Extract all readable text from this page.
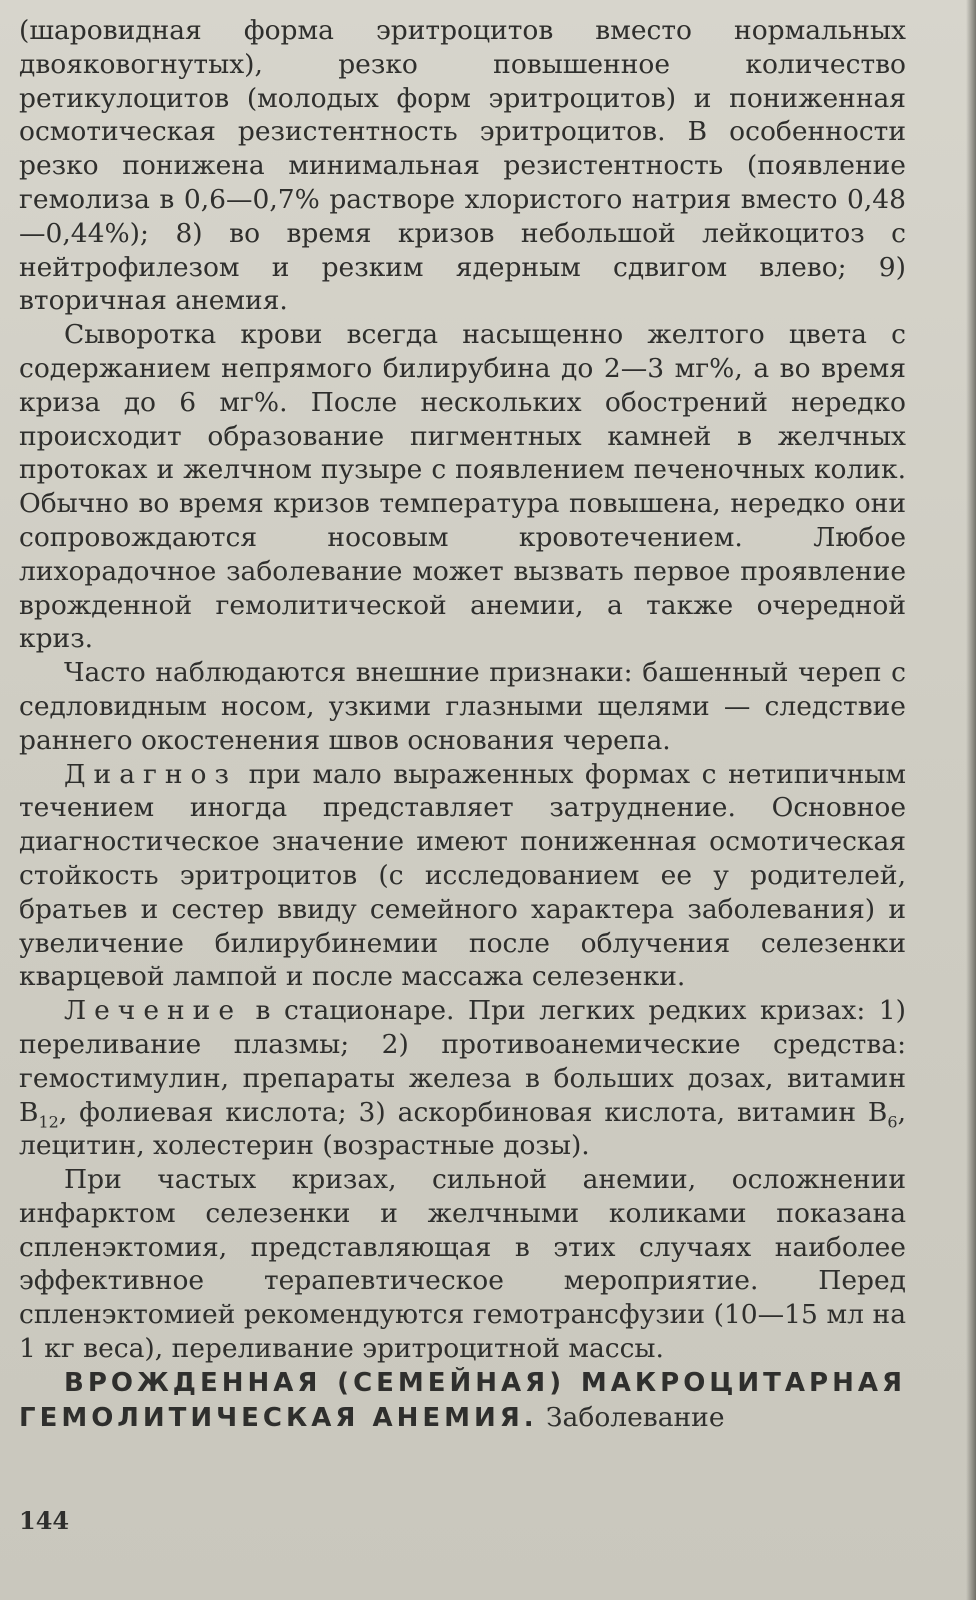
(шаровидная форма эритроцитов вместо нормальных двояковогнутых), резко повышенное количество ретикулоцитов (молодых форм эритроцитов) и пониженная осмотическая резистентность эритроцитов. В особенности резко понижена минимальная резистентность (появление гемолиза в 0,6—0,7% растворе хлористого натрия вместо 0,48—0,44%); 8) во время кризов небольшой лейкоцитоз с нейтрофилезом и резким ядерным сдвигом влево; 9) вторичная анемия.

Сыворотка крови всегда насыщенно желтого цвета с содержанием непрямого билирубина до 2—3 мг%, а во время криза до 6 мг%. После нескольких обострений нередко происходит образование пигментных камней в желчных протоках и желчном пузыре с появлением печеночных колик. Обычно во время кризов температура повышена, нередко они сопровождаются носовым кровотечением. Любое лихорадочное заболевание может вызвать первое проявление врожденной гемолитической анемии, а также очередной криз.

Часто наблюдаются внешние признаки: башенный череп с седловидным носом, узкими глазными щелями — следствие раннего окостенения швов основания черепа.

Диагноз при мало выраженных формах с нетипичным течением иногда представляет затруднение. Основное диагностическое значение имеют пониженная осмотическая стойкость эритроцитов (с исследованием ее у родителей, братьев и сестер ввиду семейного характера заболевания) и увеличение билирубинемии после облучения селезенки кварцевой лампой и после массажа селезенки.

Лечение в стационаре. При легких редких кризах: 1) переливание плазмы; 2) противоанемические средства: гемостимулин, препараты железа в больших дозах, витамин $B_{12}$, фолиевая кислота; 3) аскорбиновая кислота, витамин $B_6$, лецитин, холестерин (возрастные дозы).

При частых кризах, сильной анемии, осложнении инфарктом селезенки и желчными коликами показана спленэктомия, представляющая в этих случаях наиболее эффективное терапевтическое мероприятие. Перед спленэктомией рекомендуются гемотрансфузии (10—15 мл на 1 кг веса), переливание эритроцитной массы.

ВРОЖДЕННАЯ (СЕМЕЙНАЯ) МАКРОЦИТАРНАЯ ГЕМОЛИТИЧЕСКАЯ АНЕМИЯ. Заболевание

144
